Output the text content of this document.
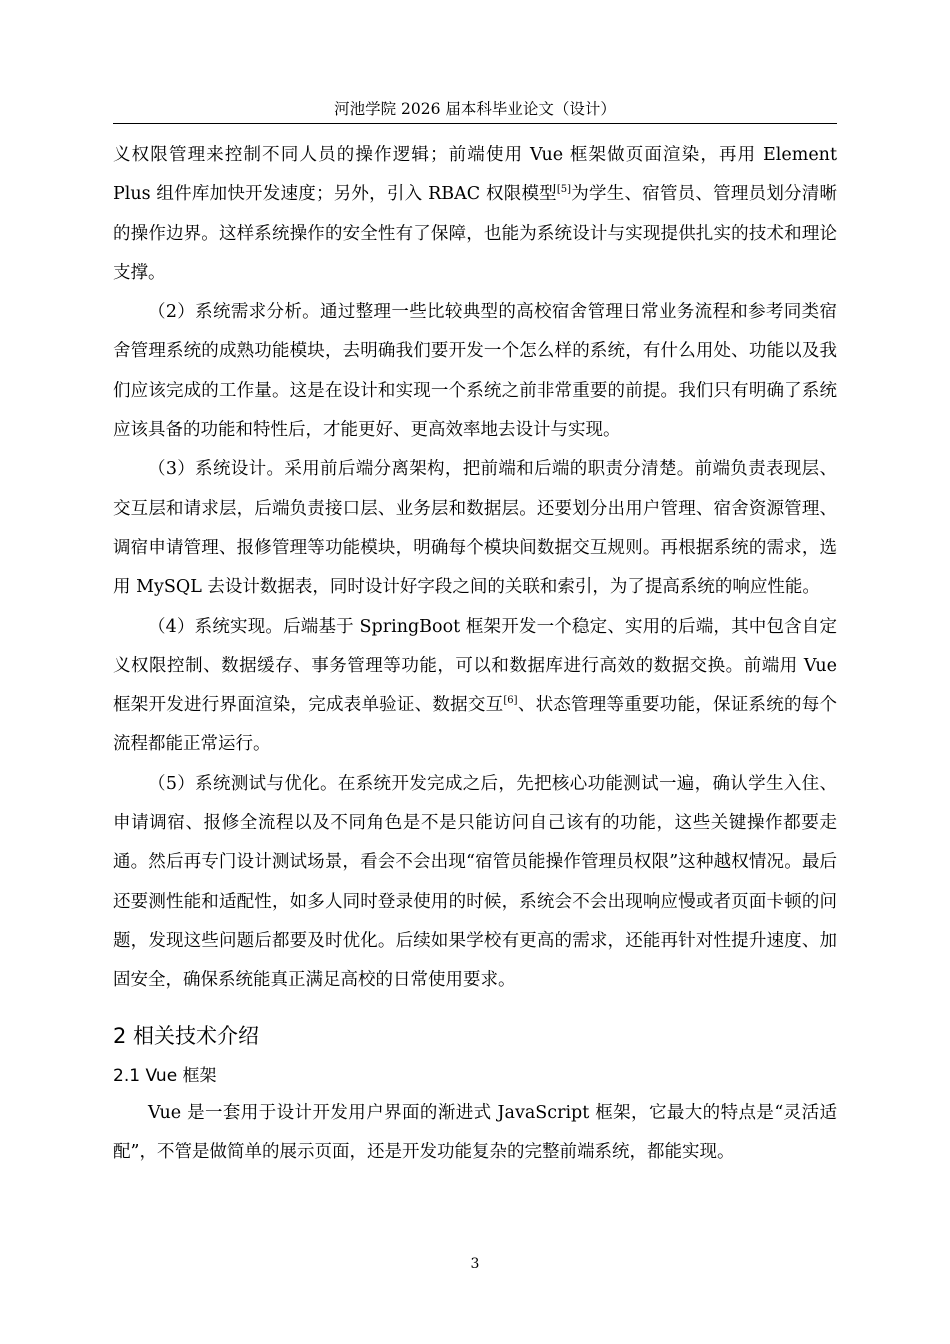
河池学院 2026 届本科毕业论文（设计）

义权限管理来控制不同人员的操作逻辑；前端使用 Vue 框架做页面渲染，再用 Element Plus 组件库加快开发速度；另外，引入 RBAC 权限模型[5]为学生、宿管员、管理员划分清晰的操作边界。这样系统操作的安全性有了保障，也能为系统设计与实现提供扎实的技术和理论支撑。

（2）系统需求分析。通过整理一些比较典型的高校宿舍管理日常业务流程和参考同类宿舍管理系统的成熟功能模块，去明确我们要开发一个怎么样的系统，有什么用处、功能以及我们应该完成的工作量。这是在设计和实现一个系统之前非常重要的前提。我们只有明确了系统应该具备的功能和特性后，才能更好、更高效率地去设计与实现。

（3）系统设计。采用前后端分离架构，把前端和后端的职责分清楚。前端负责表现层、交互层和请求层，后端负责接口层、业务层和数据层。还要划分出用户管理、宿舍资源管理、调宿申请管理、报修管理等功能模块，明确每个模块间数据交互规则。再根据系统的需求，选用 MySQL 去设计数据表，同时设计好字段之间的关联和索引，为了提高系统的响应性能。

（4）系统实现。后端基于 SpringBoot 框架开发一个稳定、实用的后端，其中包含自定义权限控制、数据缓存、事务管理等功能，可以和数据库进行高效的数据交换。前端用 Vue 框架开发进行界面渲染，完成表单验证、数据交互[6]、状态管理等重要功能，保证系统的每个流程都能正常运行。

（5）系统测试与优化。在系统开发完成之后，先把核心功能测试一遍，确认学生入住、申请调宿、报修全流程以及不同角色是不是只能访问自己该有的功能，这些关键操作都要走通。然后再专门设计测试场景，看会不会出现“宿管员能操作管理员权限”这种越权情况。最后还要测性能和适配性，如多人同时登录使用的时候，系统会不会出现响应慢或者页面卡顿的问题，发现这些问题后都要及时优化。后续如果学校有更高的需求，还能再针对性提升速度、加固安全，确保系统能真正满足高校的日常使用要求。

2 相关技术介绍
2.1 Vue 框架

Vue 是一套用于设计开发用户界面的渐进式 JavaScript 框架，它最大的特点是“灵活适配”，不管是做简单的展示页面，还是开发功能复杂的完整前端系统，都能实现。

3
